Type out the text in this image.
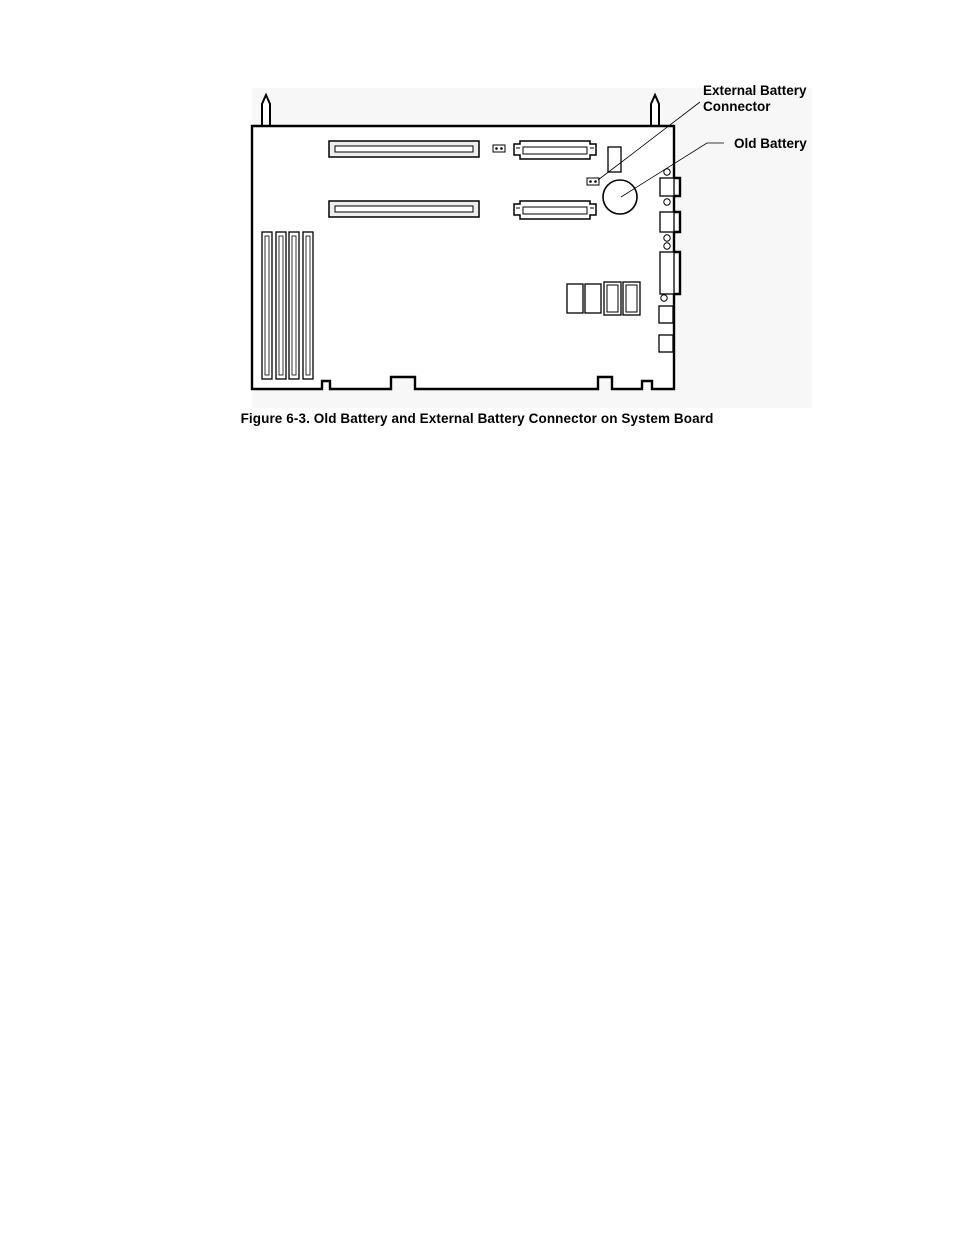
External Battery
Connector
Old Battery
Figure 6-3. Old Battery and External Battery Connector on System Board
